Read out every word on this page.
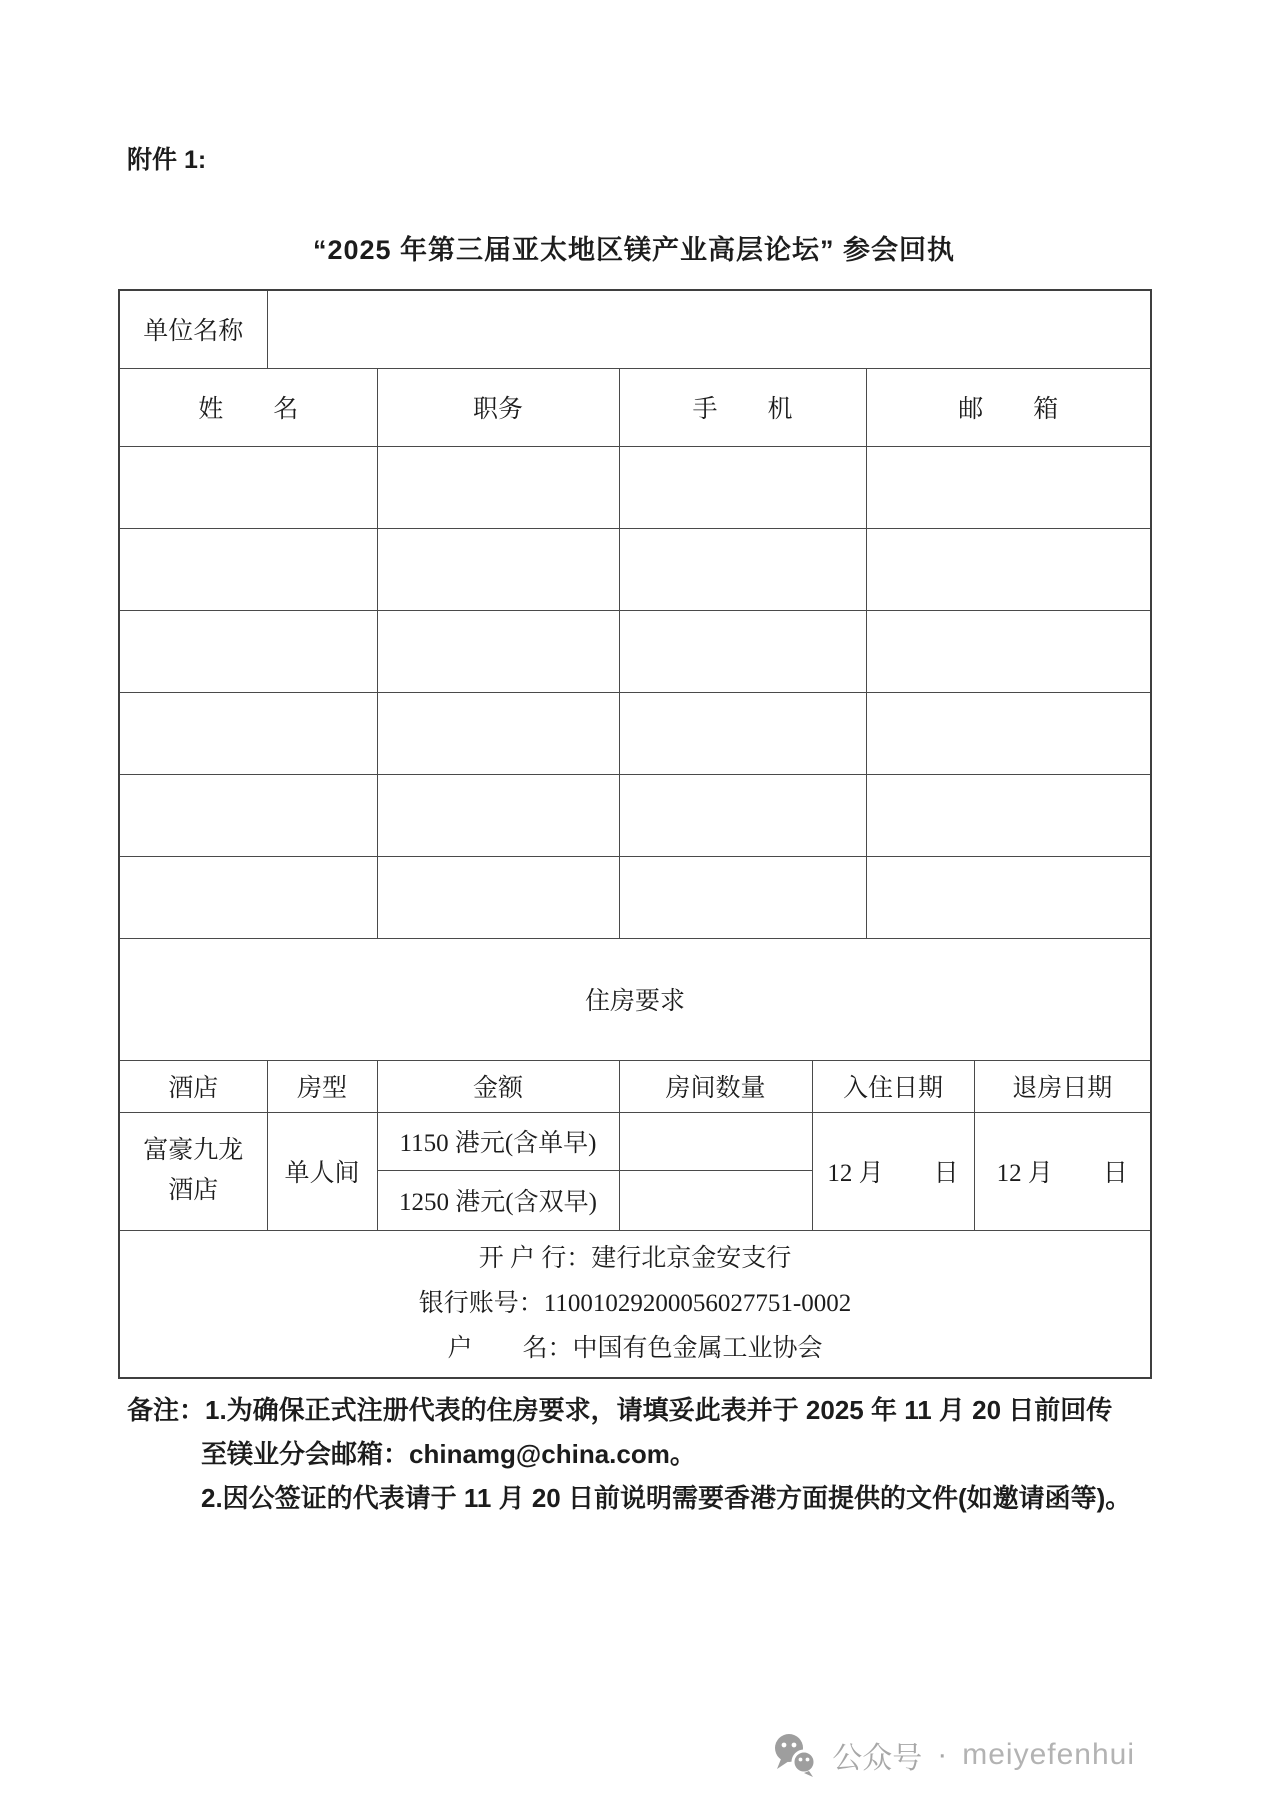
附件 1:
“2025 年第三届亚太地区镁产业高层论坛” 参会回执
单位名称						
姓　　名		职务	手　　机		邮　　箱	

住房要求						
酒店	房型	金额	房间数量	入住日期		退房日期

富豪九龙
酒店	单人间	1150 港元(含单早)		12 月　　日		12 月　　日
		1250 港元(含双早)				

开 户 行：建行北京金安支行

银行账号：11001029200056027751-0002

户　　名：中国有色金属工业协会						

备注：1.为确保正式注册代表的住房要求，请填妥此表并于 2025 年 11 月 20 日前回传

至镁业分会邮箱：chinamg@china.com。

2.因公签证的代表请于 11 月 20 日前说明需要香港方面提供的文件(如邀请函等)。

公众号 · meiyefenhui
